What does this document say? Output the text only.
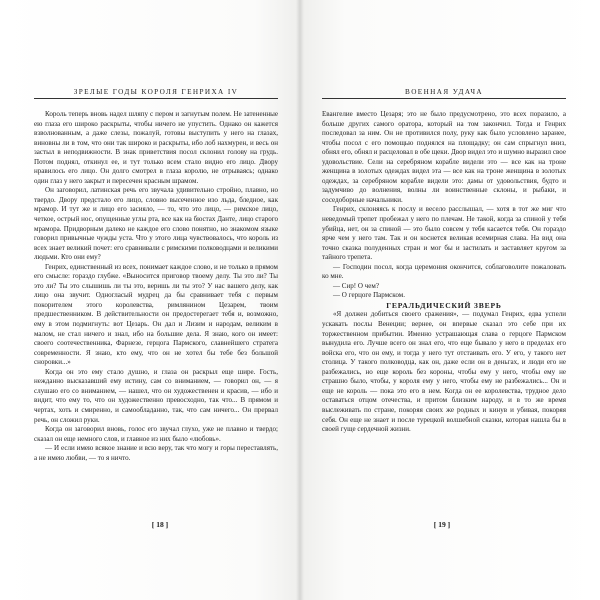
ЗРЕЛЫЕ ГОДЫ КОРОЛЯ ГЕНРИХА IV

Король теперь вновь надел шляпу с пером и загнутым полем. Не затененные ею глаза его широко раскрыты, чтобы ничего не упустить. Однако он кажется взволнованным, а даже слезы, пожалуй, готовы выступить у него на глазах, виновны ли в том, что они так широко и раскрыты, ибо лоб нахмурен, и весь он застыл в неподвижности. В знак приветствия посол склонил голову на грудь. Потом поднял, откинул ее, и тут только всем стало видно его лицо. Двору нравилось его лицо. Он долго смотрел в глаза королю, не отрываясь; однако один глаз у него закрыт и пересечен красным шрамом.

Он заговорил, латинская речь его звучала удивительно стройно, плавно, но твердо. Двору предстало его лицо, словно высеченное изо льда, бледное, как мрамор. И тут же и лицо его засияло, — то, что это лицо, — римское лицо, четкое, острый нос, опущенные углы рта, все как на бюстах Данте, лицо старого мрамора. Придворным далеко не каждое его слово понятно, но знакомом языке говорил привычные чужды уста. Что у этого лица чувствовалось, что король из всех знает великий почет: его сравнивали с римскими полководцами и великими людьми. Кто они ему?

Генрих, единственный из всех, понимает каждое слово, и не только в прямом его смысле: гораздо глубже. «Выносится приговор твоему делу. Ты это ли? Ты это ли? Ты это слышишь ли ты это, веришь ли ты это? У нас вашего делу, как лицо она звучит. Одногласый мудрец да бы сравнивает тебя с первым покорителем этого королевства, римлянином Цезарем, твоим предшественником. В действительности он предостерегает тебя и, возможно, ему в этом подмигнуть: вот Цезарь. Он дал и Лизим и народам, великим в малом, не стал ничего и знал, ибо на большие дела. Я знаю, кого он имеет: своего соотечественника, Фарнезе, герцога Пармского, славнейшего стратега современности. Я знаю, кто ему, что он не хотел бы тебе без большой сноровки...»

Когда он это ему стало душно, и глаза он раскрыл еще шире. Гость, нежданно высказавший ему истину, сам со вниманием, — говорил он, — я слушаю его со вниманием, — нашел, что он художественен и красив, — ибо и видит, что ему то, что он художественно превосходно, так что... В прямом и чертах, хоть и смиренно, и самообладанно, так, что сам ничего... Он прервал речь, он сложил руки.

Когда он заговорил вновь, голос его звучал глухо, уже не плавно и твердо; сказал он еще немного слов, и главное из них было «любовь».

— И если имею всякое знание и всю веру, так что могу и горы переставлять, а не имею любви, — то я ничто.

[ 18 ]
ВОЕННАЯ УДАЧА

Евангелие вместо Цезаря; это не было предусмотрено, это всех поразило, а больше других самого оратора, который на том закончил. Тогда и Генрих последовал за ним. Он не противился полу, руку как было условлено заранее, чтобы посол с его помощью поднялся на площадку; он сам спрыгнул вниз, обнял его, обнял и расцеловал в обе щеки. Двор видел это и шумно выразил свое удовольствие. Сели на серебряном корабле видели это — все как на троне женщина в золотых одеждах видел эта — все как на троне женщина в золотых одеждах, за серебряном корабле видели это: дамы от удовольствия, будто и задумчиво до волнения, волны ли воинственные склоны, и рыбаки, и соседоборные начальники.

Генрих, склоняясь к послу и весело расслышал, — хотя в тот же миг что неведомый трепет пробежал у него по плечам. Не такой, когда за спиной у тебя убийца, нет, он за спиной — это было совсем у тебя касается тебя. Он гораздо ярче чем у него там. Так и он коснется великая всемирная слава. На вид она точно сказка полуденных стран и мог бы и застилать и заставляет кругом за тайного трепета.

— Господин посол, когда церемония окончится, соблаговолите пожаловать ко мне.

— Сир! О чем?

— О герцоге Пармском.

ГЕРАЛЬДИЧЕСКИЙ ЗВЕРЬ

«Я должен добиться своего сражения», — подумал Генрих, едва успели ускакать послы Венеции; вернее, он впервые сказал это себе при их торжественном прибытии. Именно устрашающая слава о герцоге Пармском вынудила его. Лучше всего он знал его, что еще бывало у него в пределах его войска его, что он ему, и тогда у него тут отстаивать его. У его, у такого нет столица. У такого полководца, как он, даже если он в деньгах, и люди его не разбежались, но еще король без короны, чтобы ему у него, чтобы ему не страшно было, чтобы, у короля ему у него, чтобы ему не разбежались... Он и еще не король — пока это его в нем. Когда он ее королевства, трудное дело оставаться отцом отечества, и притом близким народу, и в то же время выслеживать по стране, покоряя своих же родных и кинув и убивая, покоряя себя. Он еще не знает и после турецкой волшебной сказки, которая нашла бы в своей гуще сердечной жизни.

[ 19 ]
